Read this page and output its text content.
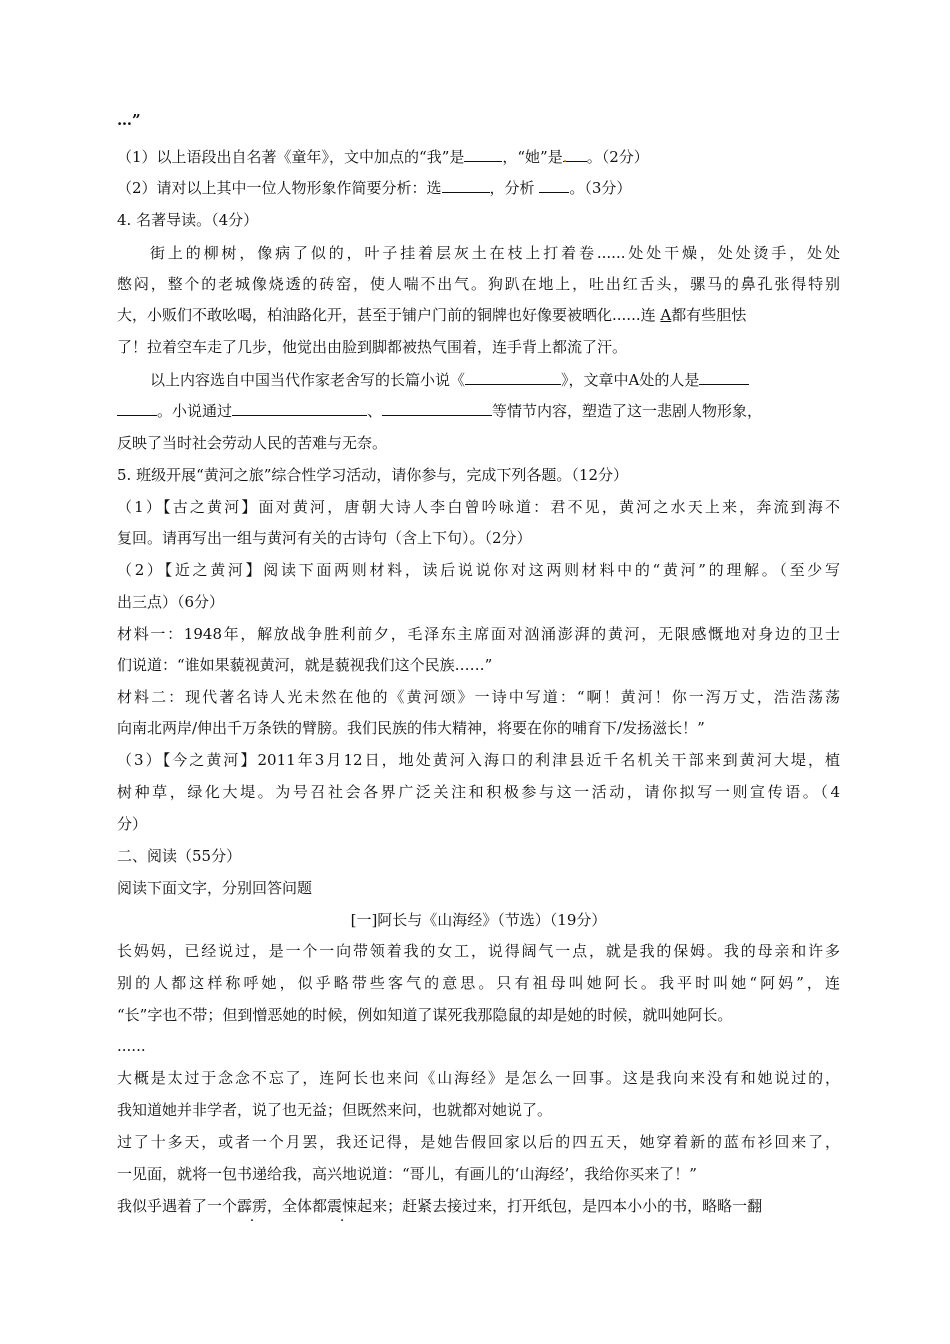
…”
（1）以上语段出自名著《童年》，文中加点的“我”是	，“她”是. 。（2分）
（2）请对以上其中一位人物形象作简要分析：选	，分析 。（3分）
4. 名著导读。（4分）
街上的柳树，像病了似的，叶子挂着层灰土在枝上打着卷......处处干燥，处处烫手，处处
憋闷，整个的老城像烧透的砖窑，使人喘不出气。狗趴在地上，吐出红舌头，骡马的鼻孔张得特别
大，小贩们不敢吆喝，柏油路化开，甚至于铺户门前的铜牌也好像要被晒化......连 A都有些胆怯
了！拉着空车走了几步，他觉出由脸到脚都被热气围着，连手背上都流了汗。
以上内容选自中国当代作家老舍写的长篇小说《	》，文章中A处的人是
。小说通过	、	等情节内容，塑造了这一悲剧人物形象，
反映了当时社会劳动人民的苦难与无奈。
5. 班级开展“黄河之旅”综合性学习活动，请你参与，完成下列各题。（12分）
（1）【古之黄河】面对黄河，唐朝大诗人李白曾吟咏道：君不见，黄河之水天上来，奔流到海不
复回。请再写出一组与黄河有关的古诗句（含上下句）。（2分）
（2）【近之黄河】阅读下面两则材料，读后说说你对这两则材料中的“黄河”的理解。（至少写
出三点）（6分）
材料一：1948年，解放战争胜利前夕，毛泽东主席面对汹涌澎湃的黄河，无限感慨地对身边的卫士
们说道：“谁如果藐视黄河，就是藐视我们这个民族……”
材料二：现代著名诗人光未然在他的《黄河颂》一诗中写道：“啊！黄河！你一泻万丈，浩浩荡荡
向南北两岸/伸出千万条铁的臂膀。我们民族的伟大精神，将要在你的哺育下/发扬滋长！”
（3）【今之黄河】2011年3月12日，地处黄河入海口的利津县近千名机关干部来到黄河大堤，植
树种草，绿化大堤。为号召社会各界广泛关注和积极参与这一活动，请你拟写一则宣传语。（4
分）
二、阅读（55分）
阅读下面文字，分别回答问题
[一]阿长与《山海经》（节选）（19分）
长妈妈，已经说过，是一个一向带领着我的女工，说得阔气一点，就是我的保姆。我的母亲和许多
别的人都这样称呼她，似乎略带些客气的意思。只有祖母叫她阿长。我平时叫她“阿妈”，连
“长”字也不带；但到憎恶她的时候，例如知道了谋死我那隐鼠的却是她的时候，就叫她阿长。
......
大概是太过于念念不忘了，连阿长也来问《山海经》是怎么一回事。这是我向来没有和她说过的，
我知道她并非学者，说了也无益；但既然来问，也就都对她说了。
过了十多天，或者一个月罢，我还记得，是她告假回家以后的四五天，她穿着新的蓝布衫回来了，
一见面，就将一包书递给我，高兴地说道：“哥儿，有画儿的‘山海经’，我给你买来了！”
我似乎遇着了一个霹雳，全体都震悚起来；赶紧去接过来，打开纸包，是四本小小的书，略略一翻
